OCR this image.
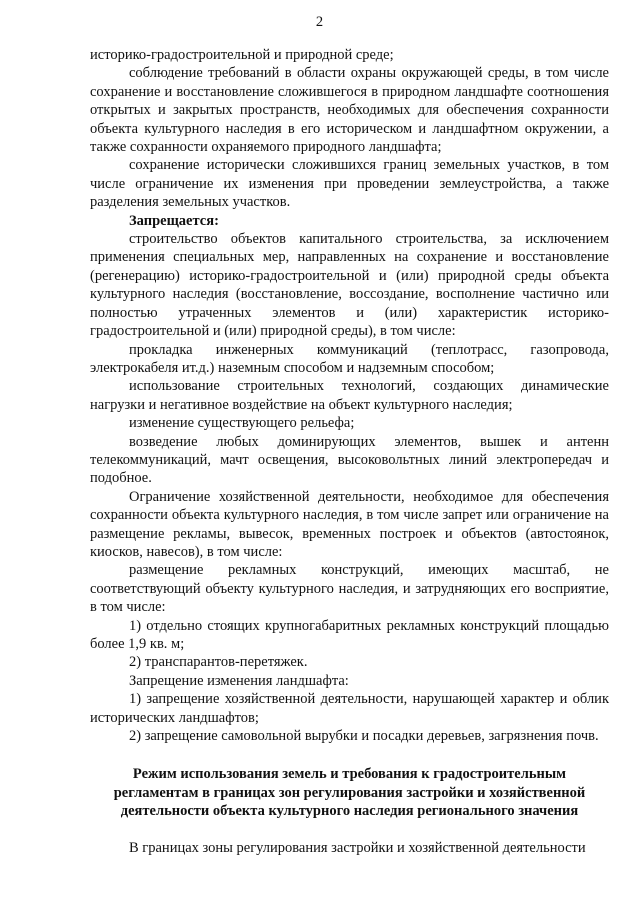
2

историко-градостроительной и природной среде;

соблюдение требований в области охраны окружающей среды, в том числе сохранение и восстановление сложившегося в природном ландшафте соотношения открытых и закрытых пространств, необходимых для обеспечения сохранности объекта культурного наследия в его историческом и ландшафтном окружении, а также сохранности охраняемого природного ландшафта;

сохранение исторически сложившихся границ земельных участков, в том числе ограничение их изменения при проведении землеустройства, а также разделения земельных участков.

Запрещается:

строительство объектов капитального строительства, за исключением применения специальных мер, направленных на сохранение и восстановление (регенерацию) историко-градостроительной и (или) природной среды объекта культурного наследия (восстановление, воссоздание, восполнение частично или полностью утраченных элементов и (или) характеристик историко-градостроительной и (или) природной среды), в том числе:

прокладка инженерных коммуникаций (теплотрасс, газопровода, электрокабеля ит.д.) наземным способом и надземным способом;

использование строительных технологий, создающих динамические нагрузки и негативное воздействие на объект культурного наследия;

изменение существующего рельефа;

возведение любых доминирующих элементов, вышек и антенн телекоммуникаций, мачт освещения, высоковольтных линий электропередач и подобное.

Ограничение хозяйственной деятельности, необходимое для обеспечения сохранности объекта культурного наследия, в том числе запрет или ограничение на размещение рекламы, вывесок, временных построек и объектов (автостоянок, киосков, навесов), в том числе:

размещение рекламных конструкций, имеющих масштаб, не соответствующий объекту культурного наследия, и затрудняющих его восприятие, в том числе:

1) отдельно стоящих крупногабаритных рекламных конструкций площадью более 1,9 кв. м;

2) транспарантов-перетяжек.

Запрещение изменения ландшафта:

1) запрещение хозяйственной деятельности, нарушающей характер и облик исторических ландшафтов;

2) запрещение самовольной вырубки и посадки деревьев, загрязнения почв.

Режим использования земель и требования к градостроительным регламентам в границах зон регулирования застройки и хозяйственной деятельности объекта культурного наследия регионального значения

В границах зоны регулирования застройки и хозяйственной деятельности
